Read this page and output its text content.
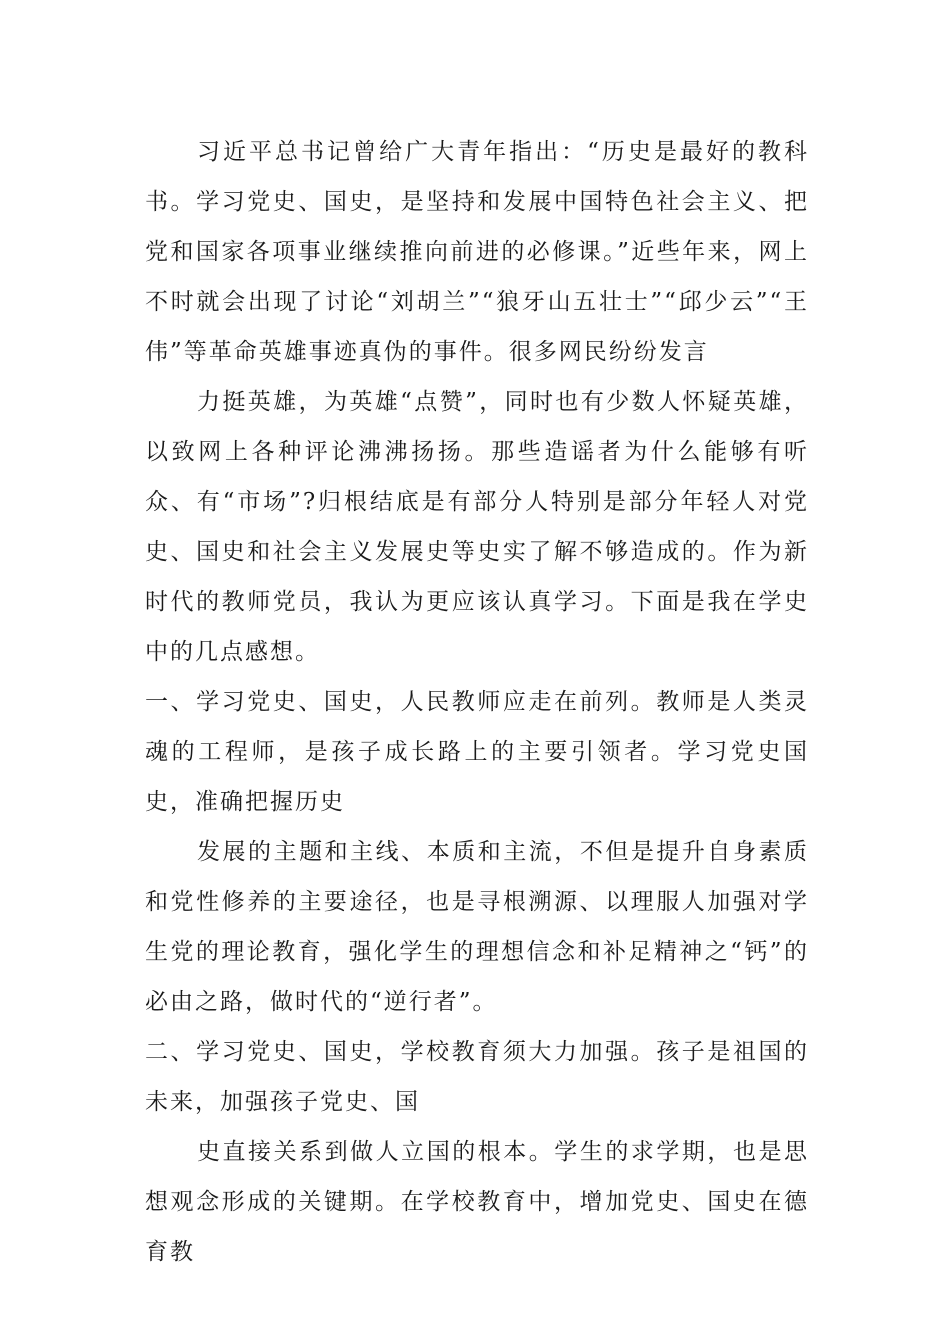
习近平总书记曾给广大青年指出：“历史是最好的教科书。学习党史、国史，是坚持和发展中国特色社会主义、把党和国家各项事业继续推向前进的必修课。”近些年来，网上不时就会出现了讨论“刘胡兰”“狼牙山五壮士”“邱少云”“王伟”等革命英雄事迹真伪的事件。很多网民纷纷发言

力挺英雄，为英雄“点赞”，同时也有少数人怀疑英雄，以致网上各种评论沸沸扬扬。那些造谣者为什么能够有听众、有“市场”?归根结底是有部分人特别是部分年轻人对党史、国史和社会主义发展史等史实了解不够造成的。作为新时代的教师党员，我认为更应该认真学习。下面是我在学史中的几点感想。

一、学习党史、国史，人民教师应走在前列。教师是人类灵魂的工程师，是孩子成长路上的主要引领者。学习党史国史，准确把握历史

发展的主题和主线、本质和主流，不但是提升自身素质和党性修养的主要途径，也是寻根溯源、以理服人加强对学生党的理论教育，强化学生的理想信念和补足精神之“钙”的必由之路，做时代的“逆行者”。

二、学习党史、国史，学校教育须大力加强。孩子是祖国的未来，加强孩子党史、国

史直接关系到做人立国的根本。学生的求学期，也是思想观念形成的关键期。在学校教育中，增加党史、国史在德育教
